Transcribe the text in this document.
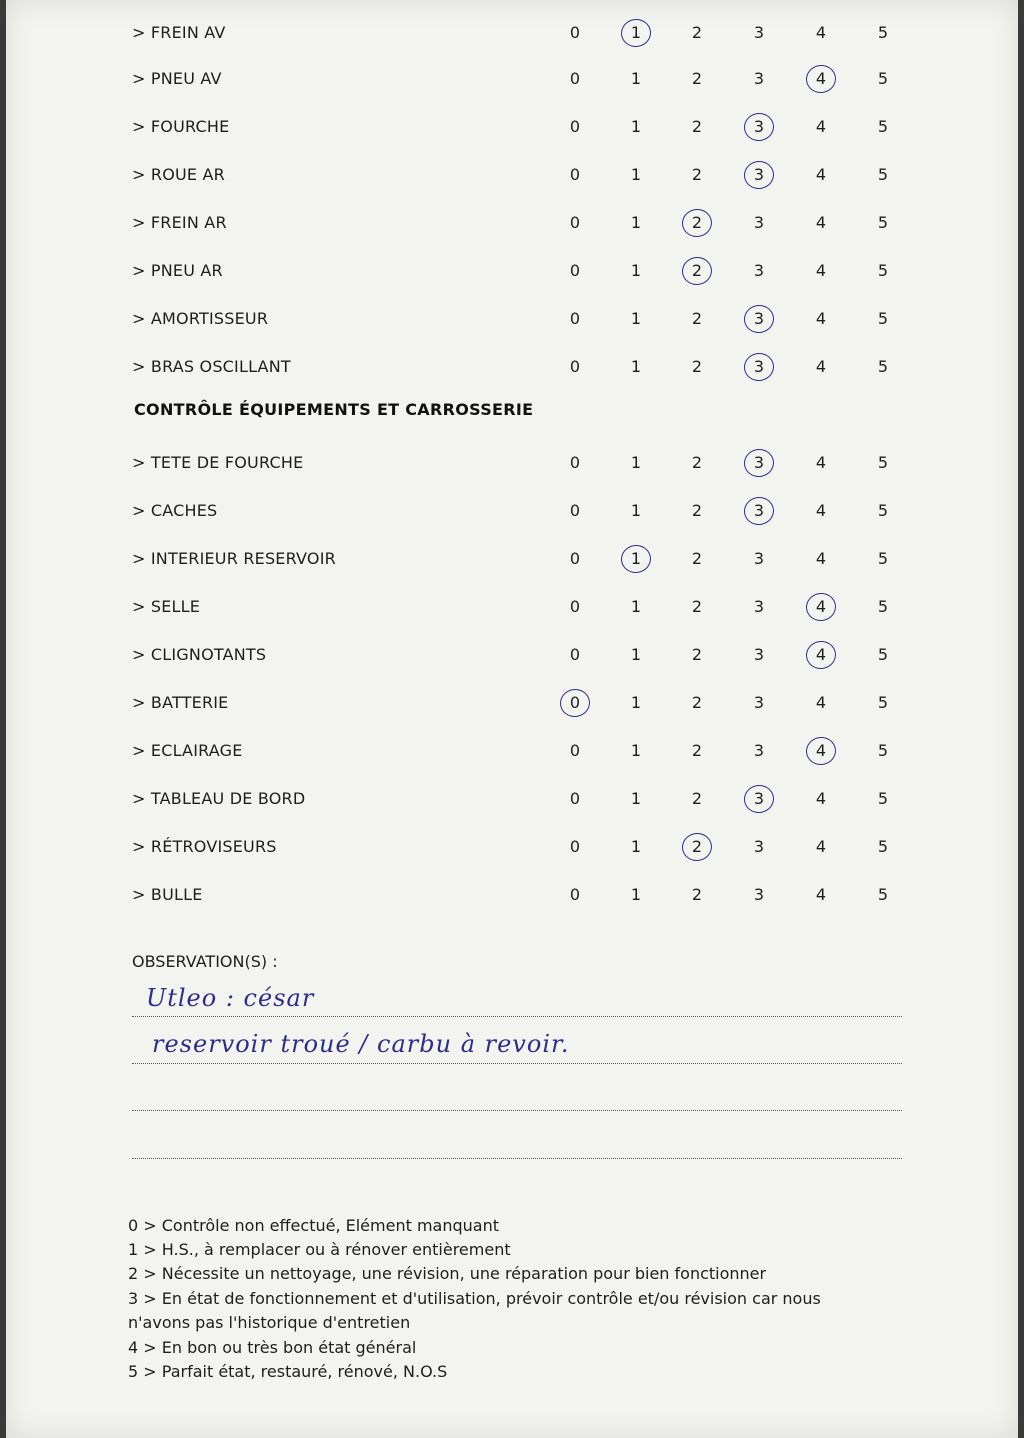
> FREIN AV	0	1	2	3	4	5
> PNEU AV	0	1	2	3	4	5
> FOURCHE	0	1	2	3	4	5
> ROUE AR	0	1	2	3	4	5
> FREIN AR	0	1	2	3	4	5
> PNEU AR	0	1	2	3	4	5
> AMORTISSEUR	0	1	2	3	4	5
> BRAS OSCILLANT	0	1	2	3	4	5
CONTRÔLE ÉQUIPEMENTS ET CARROSSERIE
> TETE DE FOURCHE	0	1	2	3	4	5
> CACHES	0	1	2	3	4	5
> INTERIEUR RESERVOIR	0	1	2	3	4	5
> SELLE	0	1	2	3	4	5
> CLIGNOTANTS	0	1	2	3	4	5
> BATTERIE	0	1	2	3	4	5
> ECLAIRAGE	0	1	2	3	4	5
> TABLEAU DE BORD	0	1	2	3	4	5
> RÉTROVISEURS	0	1	2	3	4	5
> BULLE	0	1	2	3	4	5
OBSERVATION(S) :
Utleo : césar
reservoir troué / carbu à revoir.
0 > Contrôle non effectué, Elément manquant
1 > H.S., à remplacer ou à rénover entièrement
2 > Nécessite un nettoyage, une révision, une réparation pour bien fonctionner
3 > En état de fonctionnement et d'utilisation, prévoir contrôle et/ou révision car nous
n'avons pas l'historique d'entretien
4 > En bon ou très bon état général
5 > Parfait état, restauré, rénové, N.O.S
